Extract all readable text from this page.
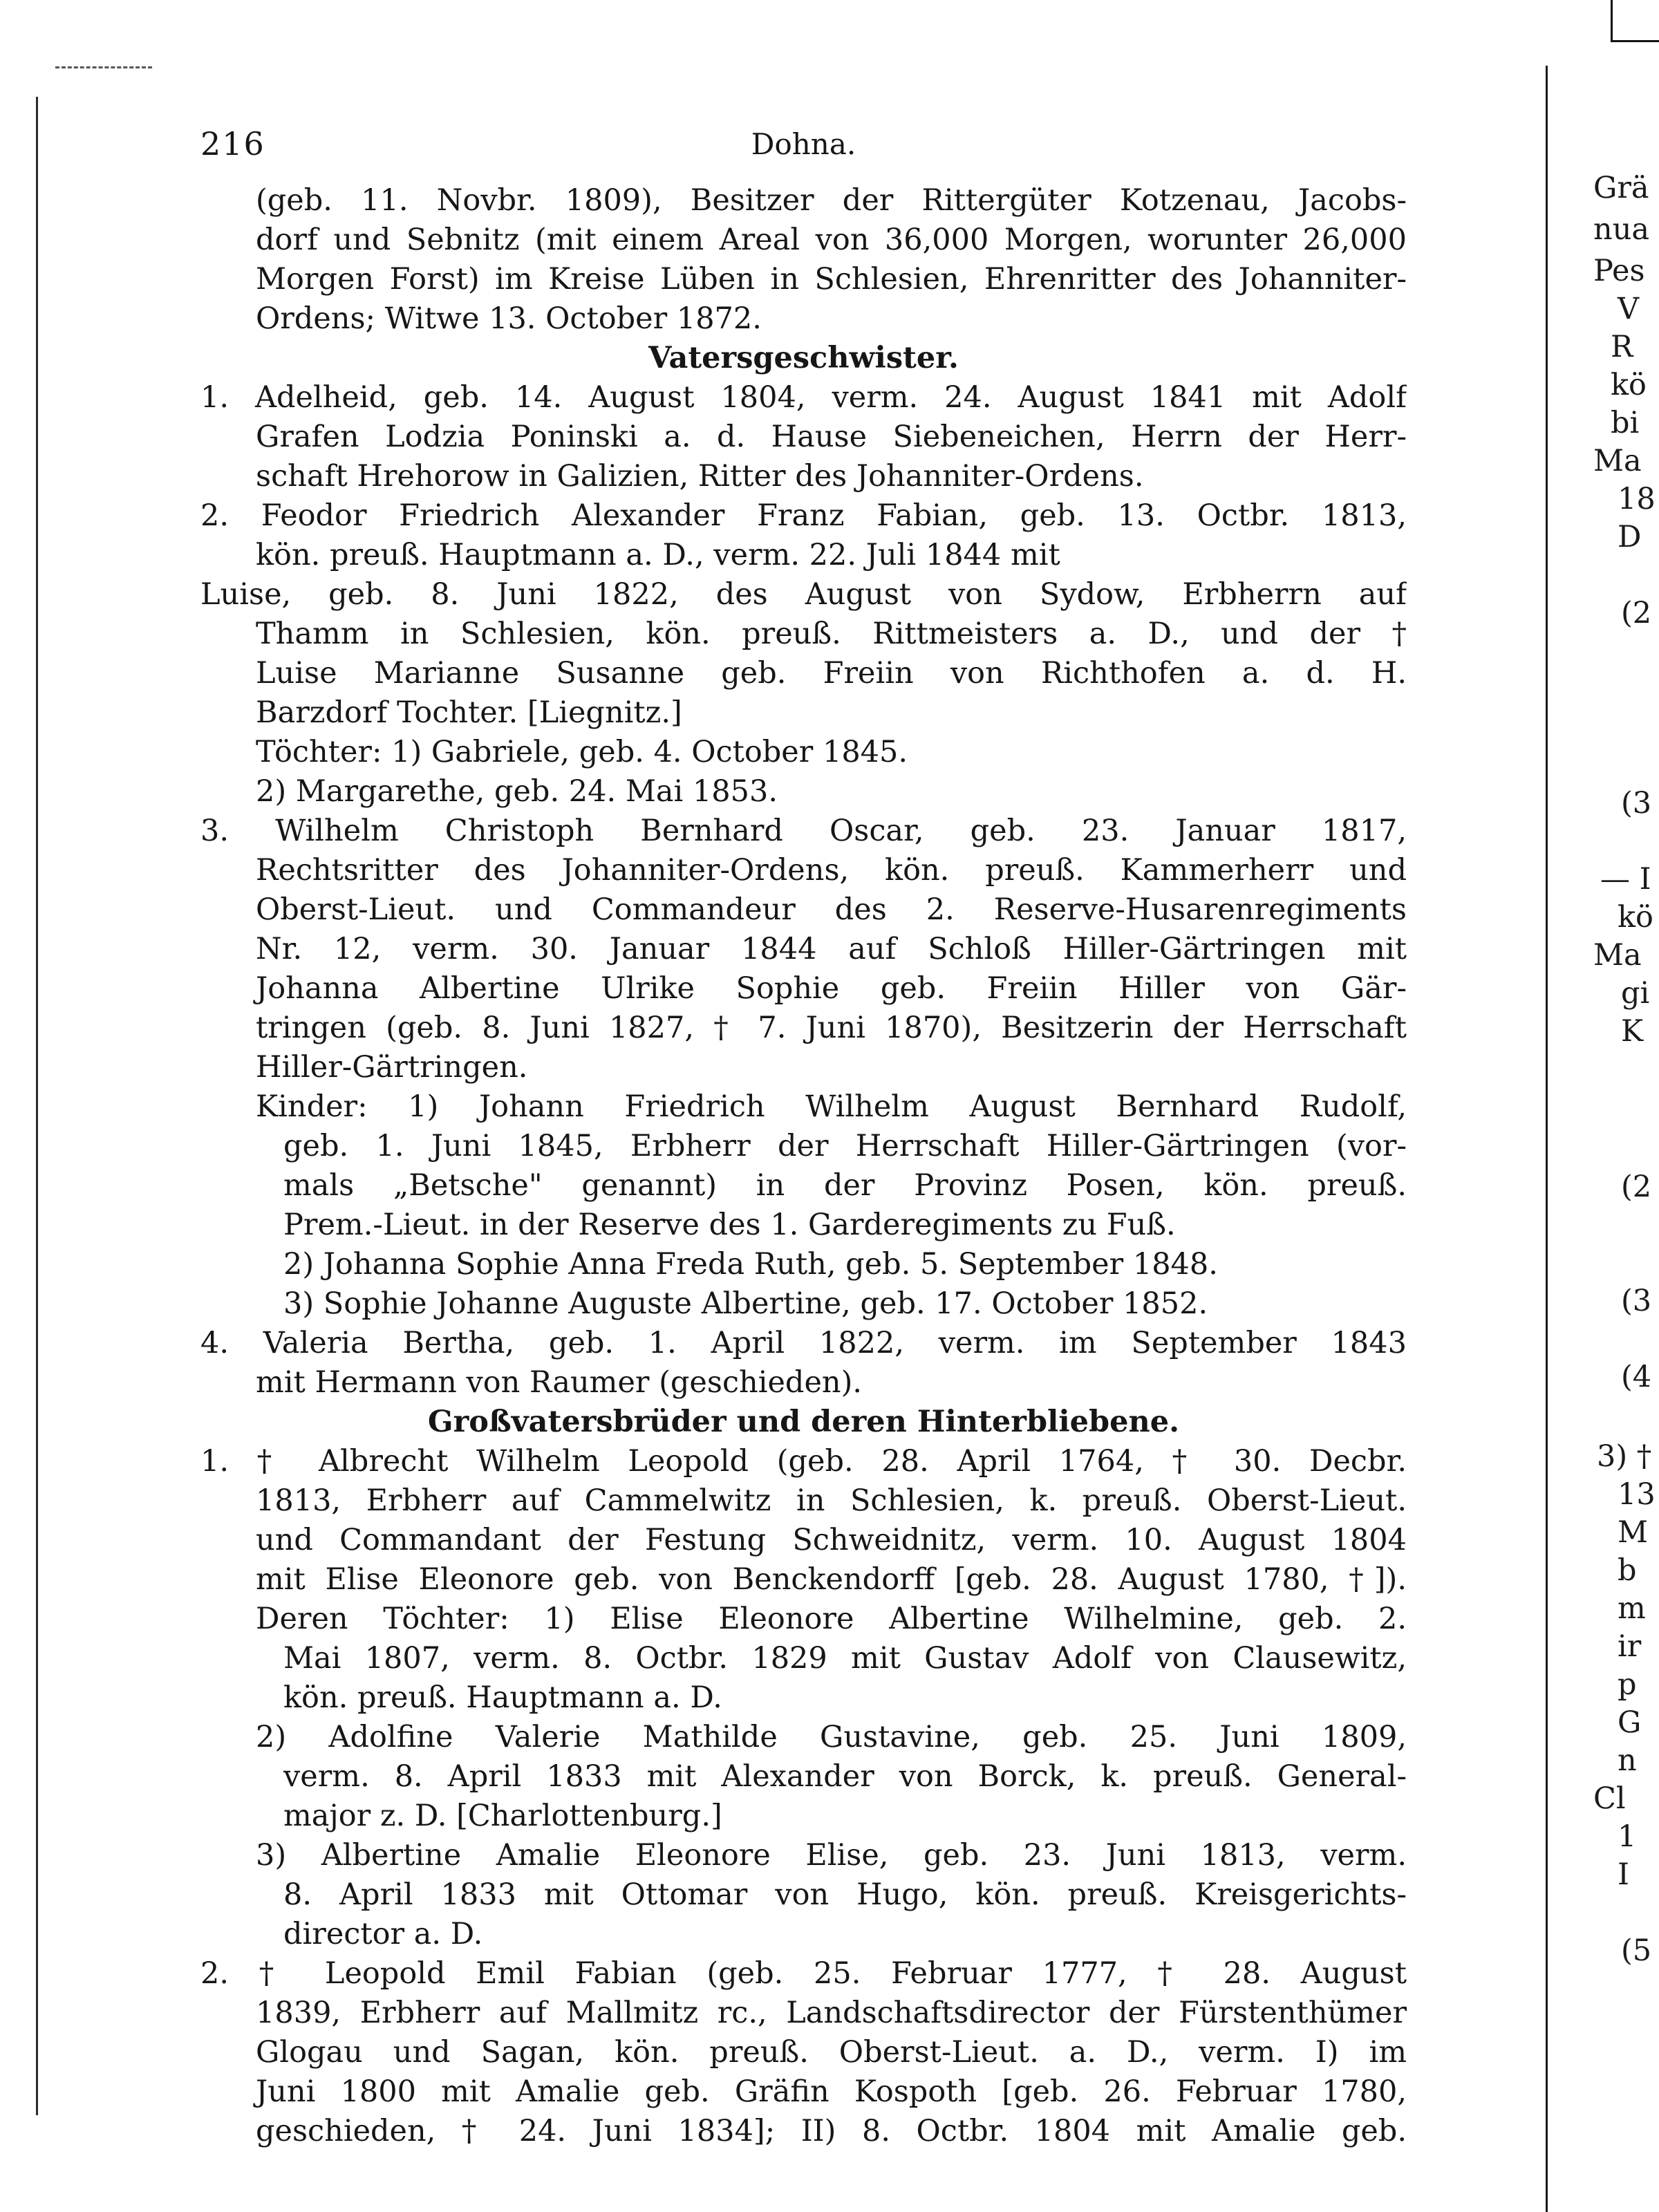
216	Dohna.
(geb. 11. Novbr. 1809), Besitzer der Rittergüter Kotzenau, Jacobs-
dorf und Sebnitz (mit einem Areal von 36,000 Morgen, worunter 26,000
Morgen Forst) im Kreise Lüben in Schlesien, Ehrenritter des Johanniter-
Ordens; Witwe 13. October 1872.
Vatersgeschwister.
1. Adelheid, geb. 14. August 1804, verm. 24. August 1841 mit Adolf
Grafen Lodzia Poninski a. d. Hause Siebeneichen, Herrn der Herr-
schaft Hrehorow in Galizien, Ritter des Johanniter-Ordens.
2. Feodor Friedrich Alexander Franz Fabian, geb. 13. Octbr. 1813,
kön. preuß. Hauptmann a. D., verm. 22. Juli 1844 mit
Luise, geb. 8. Juni 1822, des August von Sydow, Erbherrn auf
Thamm in Schlesien, kön. preuß. Rittmeisters a. D., und der †
Luise Marianne Susanne geb. Freiin von Richthofen a. d. H.
Barzdorf Tochter. [Liegnitz.]
Töchter: 1) Gabriele, geb. 4. October 1845.
2) Margarethe, geb. 24. Mai 1853.
3. Wilhelm Christoph Bernhard Oscar, geb. 23. Januar 1817,
Rechtsritter des Johanniter-Ordens, kön. preuß. Kammerherr und
Oberst-Lieut. und Commandeur des 2. Reserve-Husarenregiments
Nr. 12, verm. 30. Januar 1844 auf Schloß Hiller-Gärtringen mit
Johanna Albertine Ulrike Sophie geb. Freiin Hiller von Gär-
tringen (geb. 8. Juni 1827, † 7. Juni 1870), Besitzerin der Herrschaft
Hiller-Gärtringen.
Kinder: 1) Johann Friedrich Wilhelm August Bernhard Rudolf,
geb. 1. Juni 1845, Erbherr der Herrschaft Hiller-Gärtringen (vor-
mals „Betsche" genannt) in der Provinz Posen, kön. preuß.
Prem.-Lieut. in der Reserve des 1. Garderegiments zu Fuß.
2) Johanna Sophie Anna Freda Ruth, geb. 5. September 1848.
3) Sophie Johanne Auguste Albertine, geb. 17. October 1852.
4. Valeria Bertha, geb. 1. April 1822, verm. im September 1843
mit Hermann von Raumer (geschieden).
Großvatersbrüder und deren Hinterbliebene.
1. † Albrecht Wilhelm Leopold (geb. 28. April 1764, † 30. Decbr.
1813, Erbherr auf Cammelwitz in Schlesien, k. preuß. Oberst-Lieut.
und Commandant der Festung Schweidnitz, verm. 10. August 1804
mit Elise Eleonore geb. von Benckendorff [geb. 28. August 1780, †]).
Deren Töchter: 1) Elise Eleonore Albertine Wilhelmine, geb. 2.
Mai 1807, verm. 8. Octbr. 1829 mit Gustav Adolf von Clausewitz,
kön. preuß. Hauptmann a. D.
2) Adolfine Valerie Mathilde Gustavine, geb. 25. Juni 1809,
verm. 8. April 1833 mit Alexander von Borck, k. preuß. General-
major z. D. [Charlottenburg.]
3) Albertine Amalie Eleonore Elise, geb. 23. Juni 1813, verm.
8. April 1833 mit Ottomar von Hugo, kön. preuß. Kreisgerichts-
director a. D.
2. † Leopold Emil Fabian (geb. 25. Februar 1777, † 28. August
1839, Erbherr auf Mallmitz rc., Landschaftsdirector der Fürstenthümer
Glogau und Sagan, kön. preuß. Oberst-Lieut. a. D., verm. I) im
Juni 1800 mit Amalie geb. Gräfin Kospoth [geb. 26. Februar 1780,
geschieden, † 24. Juni 1834]; II) 8. Octbr. 1804 mit Amalie geb.
Grä
nua
Pes
V
R
kö
bi
Ma
18
D
(2
(3
— I
kö
Ma
gi
K
(2
(3
(4
3) †
13
M
b
m
ir
p
G
n
Cl
1
I
(5
